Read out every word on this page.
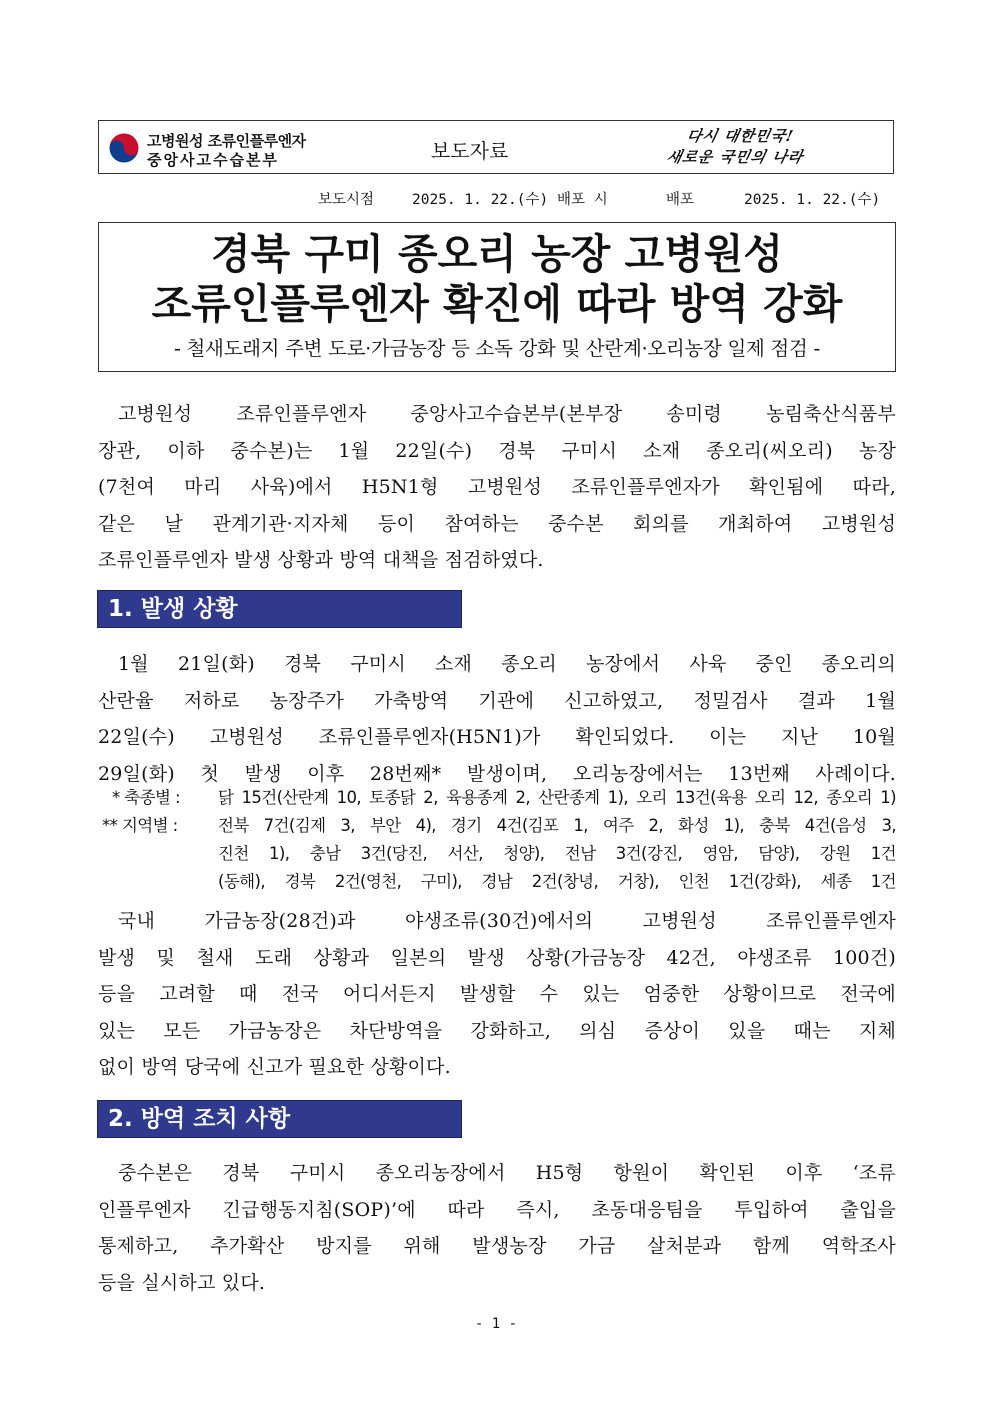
고병원성 조류인플루엔자
중앙사고수습본부	보도자료
다시 대한민국!
새로운 국민의 나라
보도시점	2025. 1. 22.(수) 배포 시	배포	2025. 1. 22.(수)
경북 구미 종오리 농장 고병원성
조류인플루엔자 확진에 따라 방역 강화
- 철새도래지 주변 도로·가금농장 등 소독 강화 및 산란계·오리농장 일제 점검 -
고병원성 조류인플루엔자 중앙사고수습본부(본부장 송미령 농림축산식품부
장관, 이하 중수본)는 1월 22일(수) 경북 구미시 소재 종오리(씨오리) 농장
(7천여 마리 사육)에서 H5N1형 고병원성 조류인플루엔자가 확인됨에 따라,
같은 날 관계기관·지자체 등이 참여하는 중수본 회의를 개최하여 고병원성
조류인플루엔자 발생 상황과 방역 대책을 점검하였다.
1. 발생 상황
1월 21일(화) 경북 구미시 소재 종오리 농장에서 사육 중인 종오리의
산란율 저하로 농장주가 가축방역 기관에 신고하였고, 정밀검사 결과 1월
22일(수) 고병원성 조류인플루엔자(H5N1)가 확인되었다. 이는 지난 10월
29일(화) 첫 발생 이후 28번째* 발생이며, 오리농장에서는 13번째 사례이다.
* 축종별 : 닭 15건(산란계 10, 토종닭 2, 육용종계 2, 산란종계 1), 오리 13건(육용 오리 12, 종오리 1)
** 지역별 : 전북 7건(김제 3, 부안 4), 경기 4건(김포 1, 여주 2, 화성 1), 충북 4건(음성 3,
진천 1), 충남 3건(당진, 서산, 청양), 전남 3건(강진, 영암, 담양), 강원 1건
(동해), 경북 2건(영천, 구미), 경남 2건(창녕, 거창), 인천 1건(강화), 세종 1건
국내 가금농장(28건)과 야생조류(30건)에서의 고병원성 조류인플루엔자
발생 및 철새 도래 상황과 일본의 발생 상황(가금농장 42건, 야생조류 100건)
등을 고려할 때 전국 어디서든지 발생할 수 있는 엄중한 상황이므로 전국에
있는 모든 가금농장은 차단방역을 강화하고, 의심 증상이 있을 때는 지체
없이 방역 당국에 신고가 필요한 상황이다.
2. 방역 조치 사항
중수본은 경북 구미시 종오리농장에서 H5형 항원이 확인된 이후 ‘조류
인플루엔자 긴급행동지침(SOP)’에 따라 즉시, 초동대응팀을 투입하여 출입을
통제하고, 추가확산 방지를 위해 발생농장 가금 살처분과 함께 역학조사
등을 실시하고 있다.
- 1 -
